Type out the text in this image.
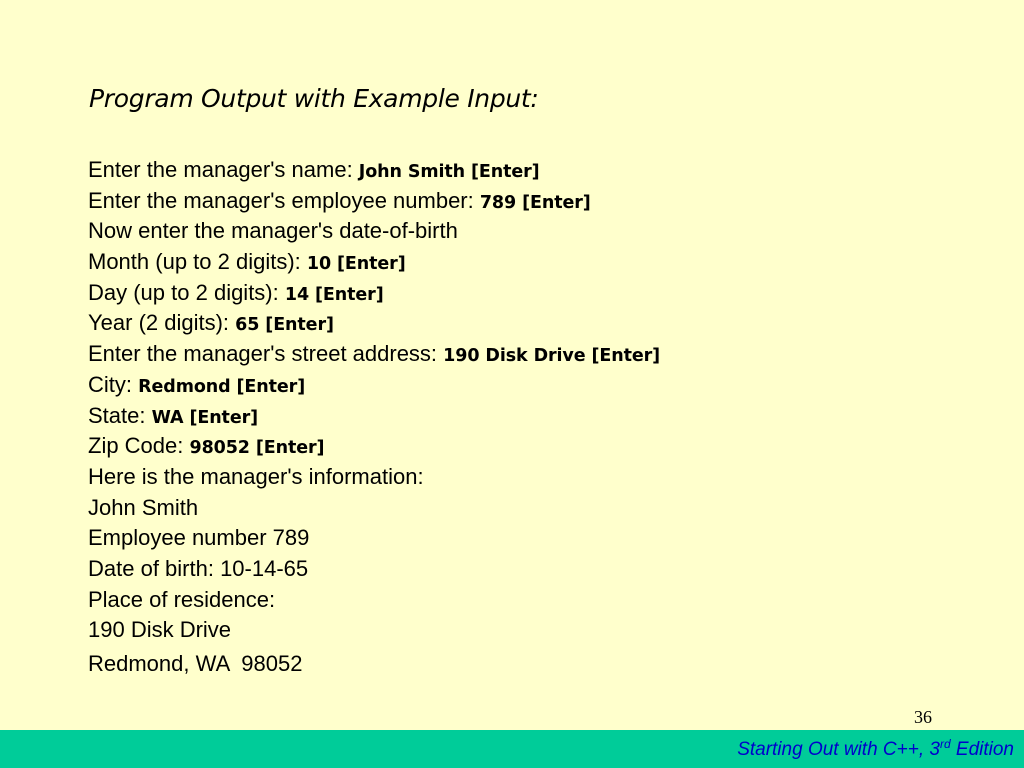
Program Output with Example Input:
Enter the manager's name: John Smith [Enter]
Enter the manager's employee number: 789 [Enter]
Now enter the manager's date-of-birth
Month (up to 2 digits): 10 [Enter]
Day (up to 2 digits): 14 [Enter]
Year (2 digits): 65 [Enter]
Enter the manager's street address: 190 Disk Drive [Enter]
City: Redmond [Enter]
State: WA [Enter]
Zip Code: 98052 [Enter]
Here is the manager's information:
John Smith
Employee number 789
Date of birth: 10-14-65
Place of residence:
190 Disk Drive
Redmond, WA  98052
36
Starting Out with C++, 3rd Edition
